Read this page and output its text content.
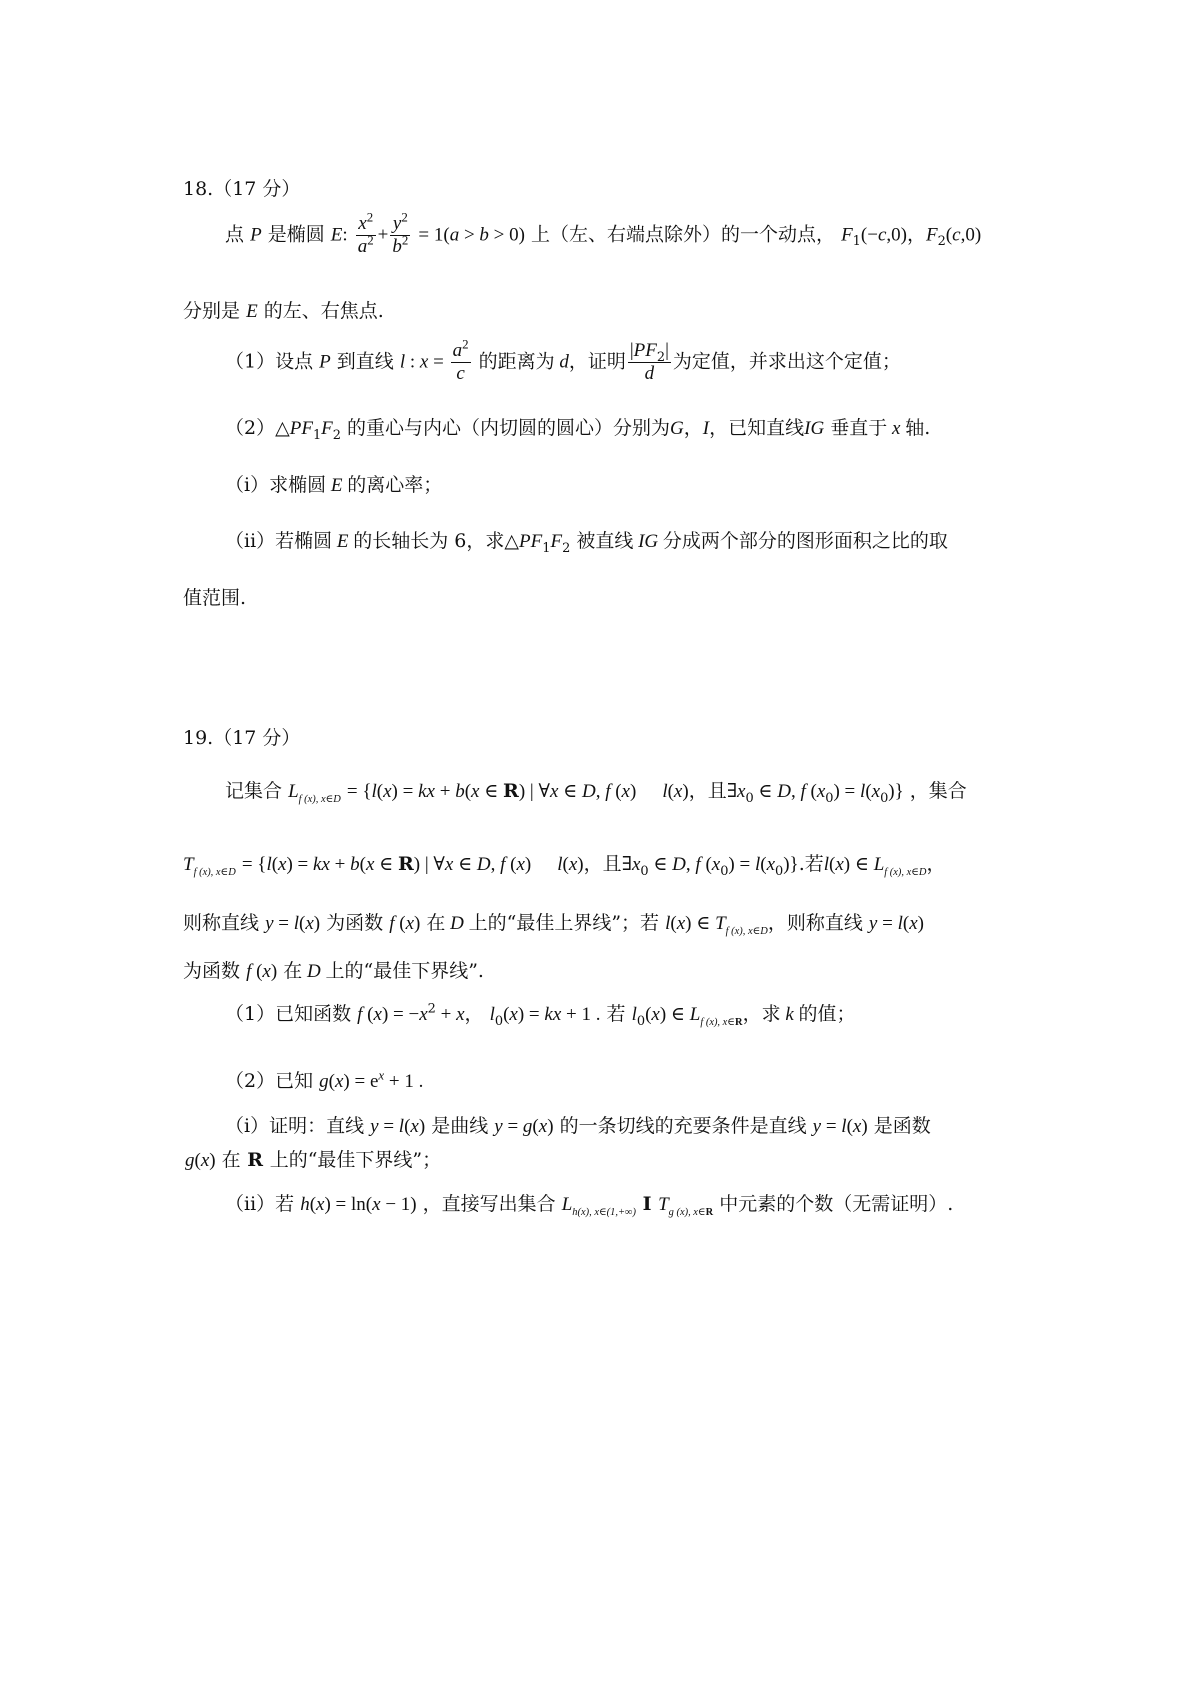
18.（17 分）
点 P 是椭圆 E: $\frac{x^2}{a^2} + \frac{y^2}{b^2} = 1(a > b > 0)$ 上（左、右端点除外）的一个动点， $F_1(-c,0)$，$F_2(c,0)$
分别是 E 的左、右焦点.
（1）设点 P 到直线 l : $x = \frac{a^2}{c}$ 的距离为 d，证明 $\frac{|PF_2|}{d}$ 为定值，并求出这个定值；
$(2)\triangle PF_1F_2$ 的重心与内心（内切圆的圆心）分别为G，I，已知直线IG 垂直于 x 轴.
（ⅰ）求椭圆 E 的离心率；
（ⅱ）若椭圆 E 的长轴长为 6，求$\triangle PF_1F_2$ 被直线 IG 分成两个部分的图形面积之比的取
值范围.
19.（17 分）
记集合 $L_{f (x), x\in D} = \{l(x)$ = kx + b(x ∈ R) | ∀x ∈ D, f (x) l(x)，且$\exists x_0$ ∈ D, f $(x_0) = l(x_0)$} ，集合
$T_{f (x), x\in D} = \{l(x)$ = kx + b(x ∈ R) | ∀x ∈ D, f (x) l(x)，且$\exists x_0$ ∈ D, f $(x_0) = l(x_0)$}.若l(x) ∈ $L_{f (x), x\in D}$，
则称直线 y = l(x) 为函数 f (x) 在 D 上的“最佳上界线”；若 l(x) ∈ $T_{f (x), x\in D}$，则称直线 y = l(x)
为函数 f (x) 在 D 上的“最佳下界线”.
（1）已知函数 f $(x) = -x^2 + x$， $l_0(x)$ = kx + 1 . 若 $l_0(x)$ ∈ $L_{f (x), x\in R}$，求 k 的值；
（2）已知 $g(x) = e^x + 1$ .
（ⅰ）证明：直线 y = l(x) 是曲线 y = g(x) 的一条切线的充要条件是直线 y = l(x) 是函数
g(x) 在 R 上的“最佳下界线”；
（ⅱ）若 h(x) = ln(x − 1) ，直接写出集合 $L_{h(x), x\in(1,+\infty)}$ I $T_{g (x), x\in R}$ 中元素的个数（无需证明）.
